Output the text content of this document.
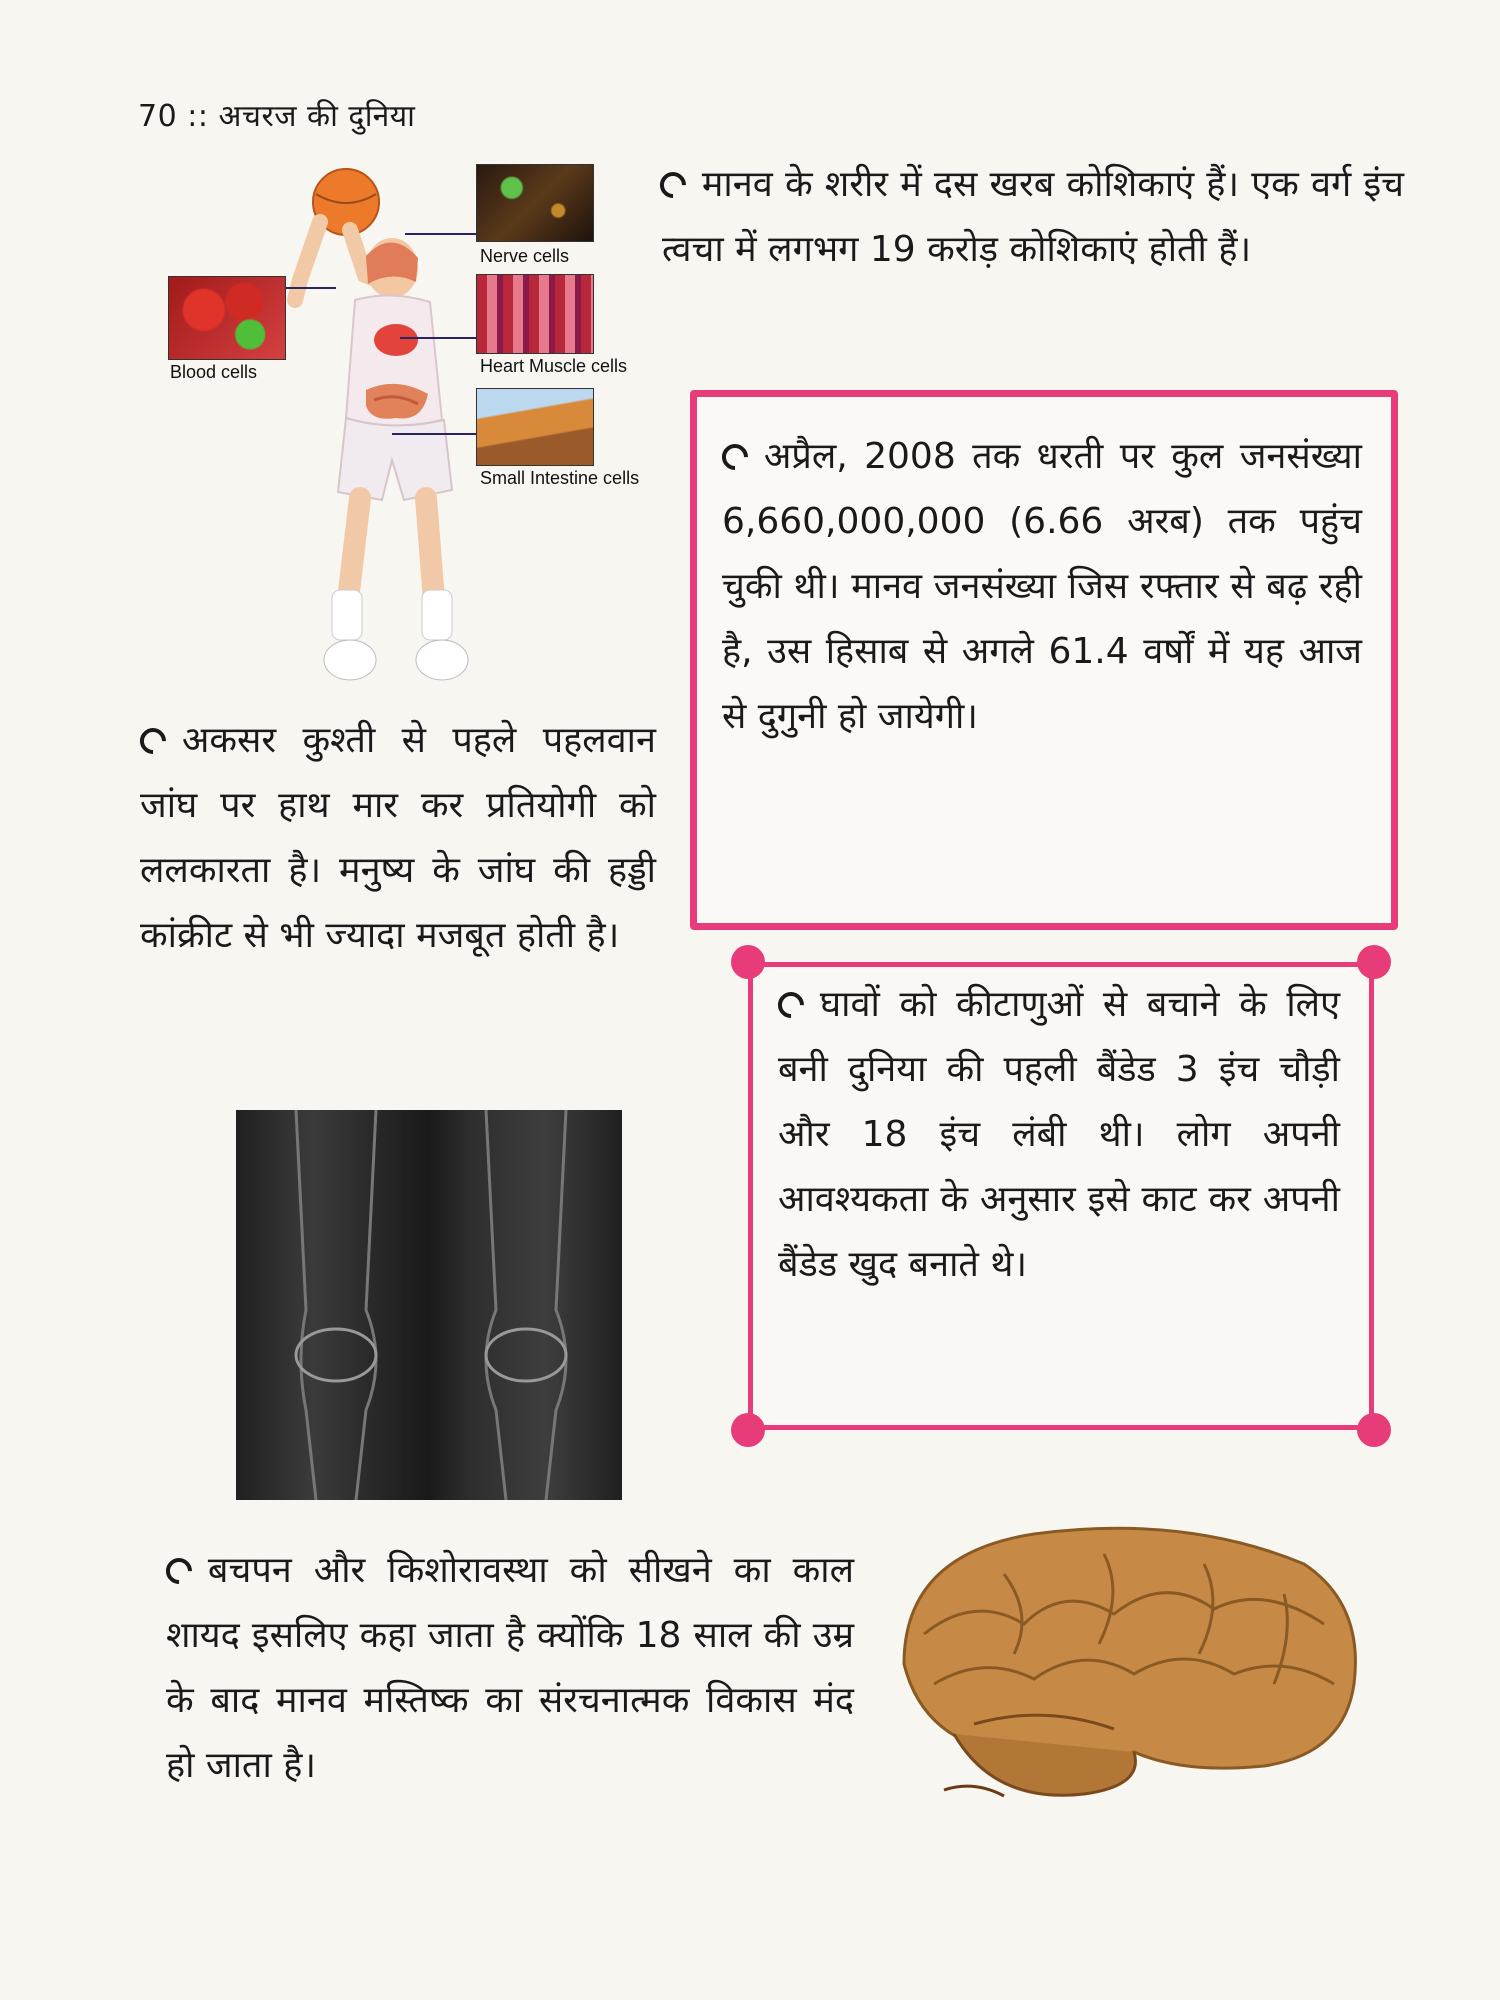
70 :: अचरज की दुनिया
Nerve cells
Blood cells	Heart Muscle cells
Small Intestine cells

मानव के शरीर में दस खरब कोशिकाएं हैं। एक वर्ग इंच त्वचा में लगभग 19 करोड़ कोशिकाएं होती हैं।

अप्रैल, 2008 तक धरती पर कुल जनसंख्या 6,660,000,000 (6.66 अरब) तक पहुंच चुकी थी। मानव जनसंख्या जिस रफ्तार से बढ़ रही है, उस हिसाब से अगले 61.4 वर्षों में यह आज से दुगुनी हो जायेगी।

अकसर कुश्ती से पहले पहलवान जांघ पर हाथ मार कर प्रतियोगी को ललकारता है। मनुष्य के जांघ की हड्डी कांक्रीट से भी ज्यादा मजबूत होती है।

घावों को कीटाणुओं से बचाने के लिए बनी दुनिया की पहली बैंडेड 3 इंच चौड़ी और 18 इंच लंबी थी। लोग अपनी आवश्यकता के अनुसार इसे काट कर अपनी बैंडेड खुद बनाते थे।

बचपन और किशोरावस्था को सीखने का काल शायद इसलिए कहा जाता है क्योंकि 18 साल की उम्र के बाद मानव मस्तिष्क का संरचनात्मक विकास मंद हो जाता है।
